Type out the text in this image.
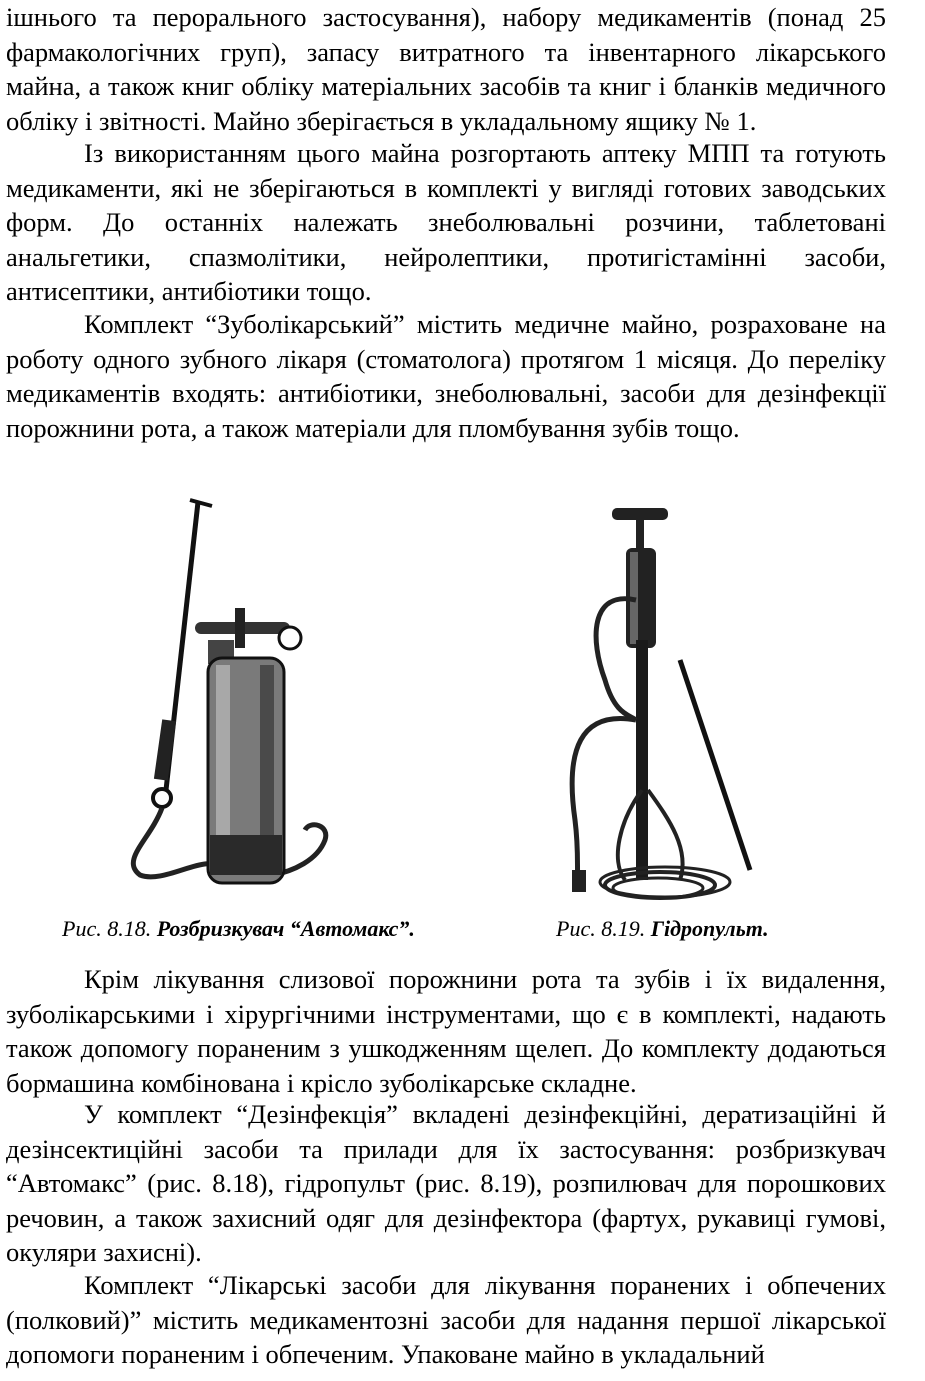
ішнього та перорального застосування), набору медикаментів (понад 25 фармакологічних груп), запасу витратного та інвентарного лікарського майна, а також книг обліку матеріальних засобів та книг і бланків медичного обліку і звітності. Майно зберігається в укладальному ящику № 1.

Із використанням цього майна розгортають аптеку МПП та готують медикаменти, які не зберігаються в комплекті у вигляді готових заводських форм. До останніх належать знеболювальні розчини, таблетовані анальгетики, спазмолітики, нейролептики, протигістамінні засоби, антисептики, антибіотики тощо.

Комплект “Зуболікарський” містить медичне майно, розраховане на роботу одного зубного лікаря (стоматолога) протягом 1 місяця. До переліку медикаментів входять: антибіотики, знеболювальні, засоби для дезінфекції порожнини рота, а також матеріали для пломбування зубів тощо.

Рис. 8.18. Розбризкувач “Автомакс”.	Рис. 8.19. Гідропульт.

Крім лікування слизової порожнини рота та зубів і їх видалення, зуболікарськими і хірургічними інструментами, що є в комплекті, надають також допомогу пораненим з ушкодженням щелеп. До комплекту додаються бормашина комбінована і крісло зуболікарське складне.

У комплект “Дезінфекція” вкладені дезінфекційні, дератизаційні й дезінсектиційні засоби та прилади для їх застосування: розбризкувач “Автомакс” (рис. 8.18), гідропульт (рис. 8.19), розпилювач для порошкових речовин, а також захисний одяг для дезінфектора (фартух, рукавиці гумові, окуляри захисні).

Комплект “Лікарські засоби для лікування поранених і обпечених (полковий)” містить медикаментозні засоби для надання першої лікарської допомоги пораненим і обпеченим. Упаковане майно в укладальний
